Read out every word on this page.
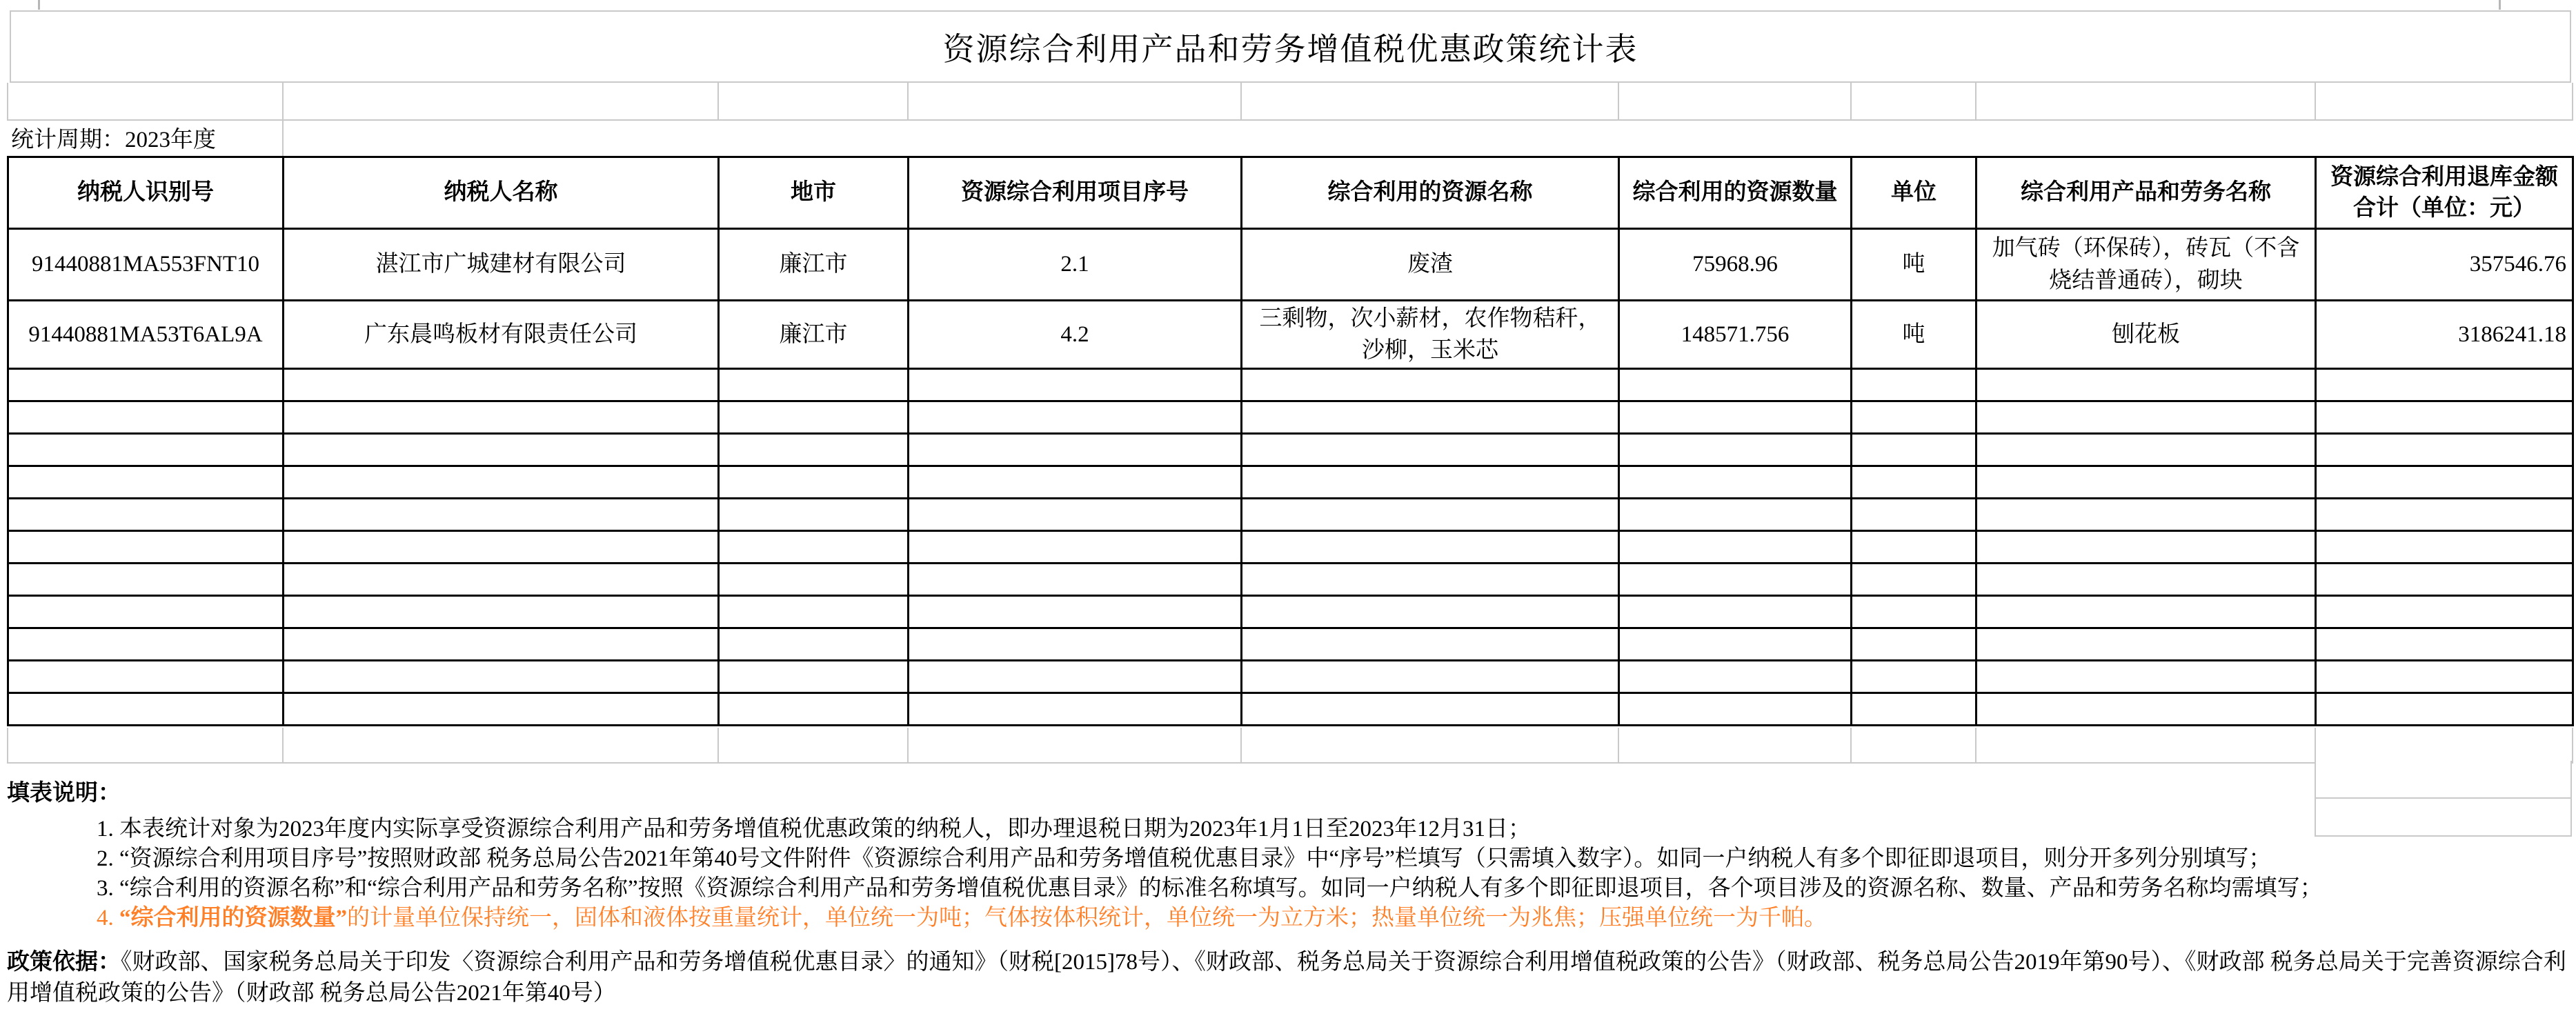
资源综合利用产品和劳务增值税优惠政策统计表

统计周期：2023年度
纳税人识别号	纳税人名称	地市	资源综合利用项目序号	综合利用的资源名称	综合利用的资源数量	单位	综合利用产品和劳务名称	资源综合利用退库金额合计（单位：元）
91440881MA553FNT10	湛江市广城建材有限公司	廉江市	2.1	废渣	75968.96	吨	加气砖（环保砖），砖瓦（不含烧结普通砖），砌块	357546.76
91440881MA53T6AL9A	广东晨鸣板材有限责任公司	廉江市	4.2	三剩物，次小薪材，农作物秸秆，沙柳，玉米芯	148571.756	吨	刨花板	3186241.18

填表说明：
1. 本表统计对象为2023年度内实际享受资源综合利用产品和劳务增值税优惠政策的纳税人，即办理退税日期为2023年1月1日至2023年12月31日；
2. “资源综合利用项目序号”按照财政部 税务总局公告2021年第40号文件附件《资源综合利用产品和劳务增值税优惠目录》中“序号”栏填写（只需填入数字）。如同一户纳税人有多个即征即退项目，则分开多列分别填写；
3. “综合利用的资源名称”和“综合利用产品和劳务名称”按照《资源综合利用产品和劳务增值税优惠目录》的标准名称填写。如同一户纳税人有多个即征即退项目，各个项目涉及的资源名称、数量、产品和劳务名称均需填写；
4. “综合利用的资源数量”的计量单位保持统一，固体和液体按重量统计，单位统一为吨；气体按体积统计，单位统一为立方米；热量单位统一为兆焦；压强单位统一为千帕。
政策依据：《财政部、国家税务总局关于印发〈资源综合利用产品和劳务增值税优惠目录〉的通知》（财税[2015]78号）、《财政部、税务总局关于资源综合利用增值税政策的公告》（财政部、税务总局公告2019年第90号）、《财政部 税务总局关于完善资源综合利用增值税政策的公告》（财政部 税务总局公告2021年第40号）
